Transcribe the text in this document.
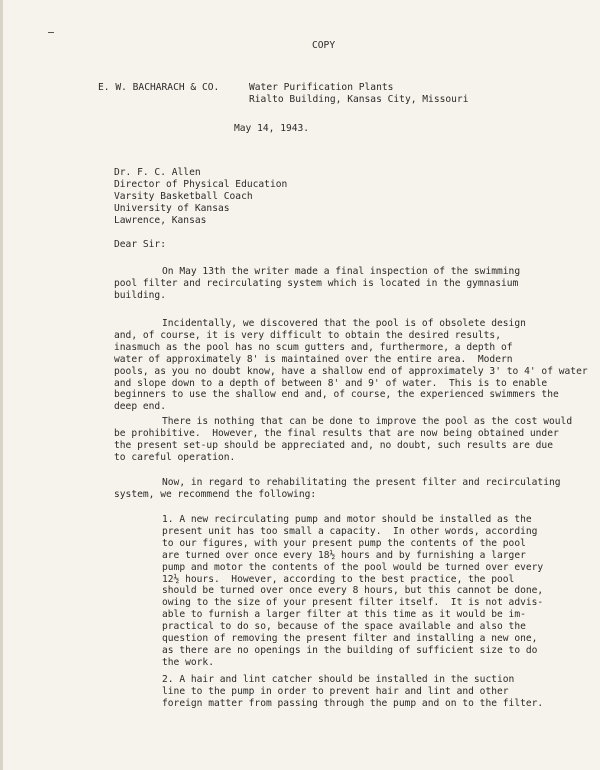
COPY

E. W. BACHARACH & CO.	Water Purification Plants

Rialto Building, Kansas City, Missouri

May 14, 1943.

Dr. F. C. Allen
Director of Physical Education
Varsity Basketball Coach
University of Kansas
Lawrence, Kansas

Dear Sir:

On May 13th the writer made a final inspection of the swimming
pool filter and recirculating system which is located in the gymnasium
building.
Incidentally, we discovered that the pool is of obsolete design
and, of course, it is very difficult to obtain the desired results,
inasmuch as the pool has no scum gutters and, furthermore, a depth of
water of approximately 8' is maintained over the entire area.  Modern
pools, as you no doubt know, have a shallow end of approximately 3' to 4' of water
and slope down to a depth of between 8' and 9' of water.  This is to enable
beginners to use the shallow end and, of course, the experienced swimmers the
deep end.
There is nothing that can be done to improve the pool as the cost would
be prohibitive.  However, the final results that are now being obtained under
the present set-up should be appreciated and, no doubt, such results are due
to careful operation.
Now, in regard to rehabilitating the present filter and recirculating
system, we recommend the following:
1. A new recirculating pump and motor should be installed as the
present unit has too small a capacity.  In other words, according
to our figures, with your present pump the contents of the pool
are turned over once every 18½ hours and by furnishing a larger
pump and motor the contents of the pool would be turned over every
12½ hours.  However, according to the best practice, the pool
should be turned over once every 8 hours, but this cannot be done,
owing to the size of your present filter itself.  It is not advis-
able to furnish a larger filter at this time as it would be im-
practical to do so, because of the space available and also the
question of removing the present filter and installing a new one,
as there are no openings in the building of sufficient size to do
the work.
2. A hair and lint catcher should be installed in the suction
line to the pump in order to prevent hair and lint and other
foreign matter from passing through the pump and on to the filter.
